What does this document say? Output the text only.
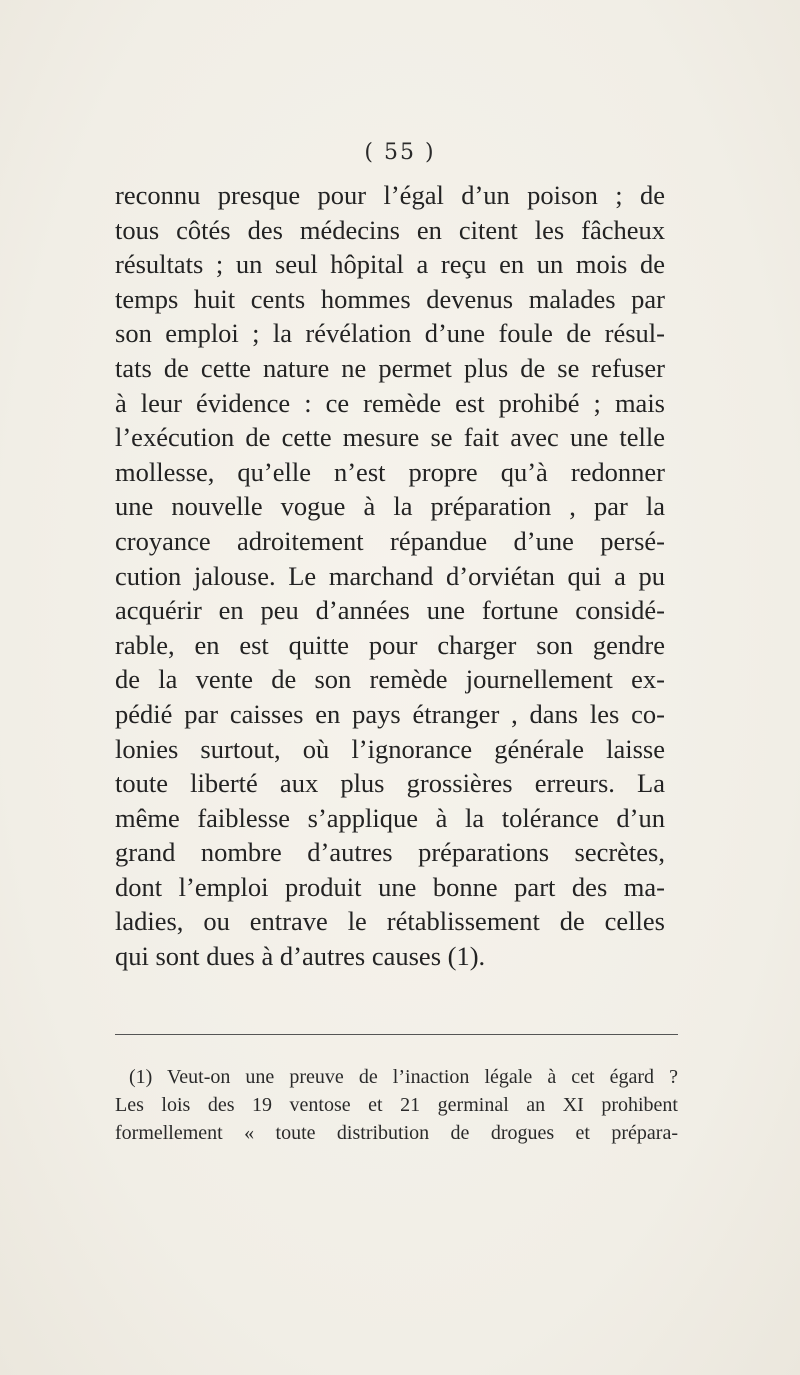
( 55 )
reconnu presque pour l’égal d’un poison ; de
tous côtés des médecins en citent les fâcheux
résultats ; un seul hôpital a reçu en un mois de
temps huit cents hommes devenus malades par
son emploi ; la révélation d’une foule de résul-
tats de cette nature ne permet plus de se refuser
à leur évidence : ce remède est prohibé ; mais
l’exécution de cette mesure se fait avec une telle
mollesse, qu’elle n’est propre qu’à redonner
une nouvelle vogue à la préparation , par la
croyance adroitement répandue d’une persé-
cution jalouse. Le marchand d’orviétan qui a pu
acquérir en peu d’années une fortune considé-
rable, en est quitte pour charger son gendre
de la vente de son remède journellement ex-
pédié par caisses en pays étranger , dans les co-
lonies surtout, où l’ignorance générale laisse
toute liberté aux plus grossières erreurs. La
même faiblesse s’applique à la tolérance d’un
grand nombre d’autres préparations secrètes,
dont l’emploi produit une bonne part des ma-
ladies, ou entrave le rétablissement de celles
qui sont dues à d’autres causes (1).
(1) Veut-on une preuve de l’inaction légale à cet égard ?
Les lois des 19 ventose et 21 germinal an XI prohibent
formellement « toute distribution de drogues et prépara-
